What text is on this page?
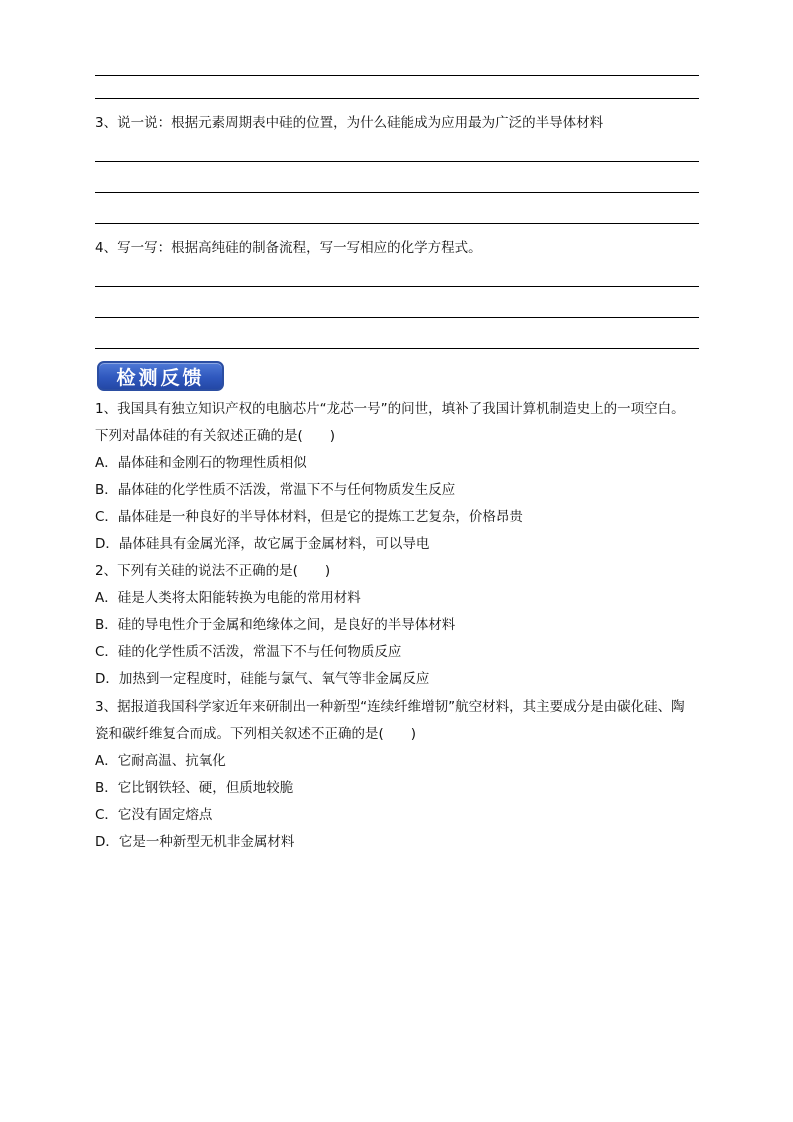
3、说一说：根据元素周期表中硅的位置，为什么硅能成为应用最为广泛的半导体材料
4、写一写：根据高纯硅的制备流程，写一写相应的化学方程式。
检测反馈
1、我国具有独立知识产权的电脑芯片“龙芯一号”的问世，填补了我国计算机制造史上的一项空白。
下列对晶体硅的有关叙述正确的是(　　)
A．晶体硅和金刚石的物理性质相似
B．晶体硅的化学性质不活泼，常温下不与任何物质发生反应
C．晶体硅是一种良好的半导体材料，但是它的提炼工艺复杂，价格昂贵
D．晶体硅具有金属光泽，故它属于金属材料，可以导电
2、下列有关硅的说法不正确的是(　　)
A．硅是人类将太阳能转换为电能的常用材料
B．硅的导电性介于金属和绝缘体之间，是良好的半导体材料
C．硅的化学性质不活泼，常温下不与任何物质反应
D．加热到一定程度时，硅能与氯气、氧气等非金属反应
3、据报道我国科学家近年来研制出一种新型“连续纤维增韧”航空材料，其主要成分是由碳化硅、陶
瓷和碳纤维复合而成。下列相关叙述不正确的是(　　)
A．它耐高温、抗氧化
B．它比钢铁轻、硬，但质地较脆
C．它没有固定熔点
D．它是一种新型无机非金属材料
